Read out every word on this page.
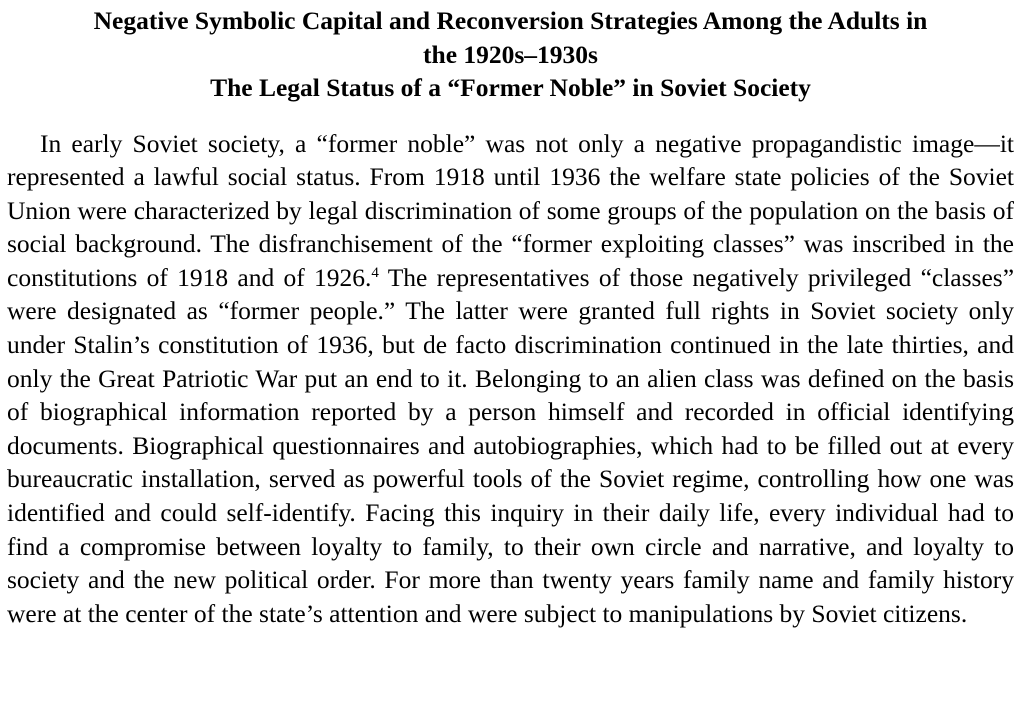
Negative Symbolic Capital and Reconversion Strategies Among the Adults in
the 1920s–1930s
The Legal Status of a “Former Noble” in Soviet Society

In early Soviet society, a “former noble” was not only a negative propagandistic image—it represented a lawful social status. From 1918 until 1936 the welfare state policies of the Soviet Union were characterized by legal discrimination of some groups of the population on the basis of social background. The disfranchisement of the “former exploiting classes” was inscribed in the constitutions of 1918 and of 1926.$^4$ The representatives of those negatively privileged “classes” were designated as “former people.” The latter were granted full rights in Soviet society only under Stalin’s constitution of 1936, but de facto discrimination continued in the late thirties, and only the Great Patriotic War put an end to it. Belonging to an alien class was defined on the basis of biographical information reported by a person himself and recorded in official identifying documents. Biographical questionnaires and autobiographies, which had to be filled out at every bureaucratic installation, served as powerful tools of the Soviet regime, controlling how one was identified and could self-identify. Facing this inquiry in their daily life, every individual had to find a compromise between loyalty to family, to their own circle and narrative, and loyalty to society and the new political order. For more than twenty years family name and family history were at the center of the state’s attention and were subject to manipulations by Soviet citizens.
